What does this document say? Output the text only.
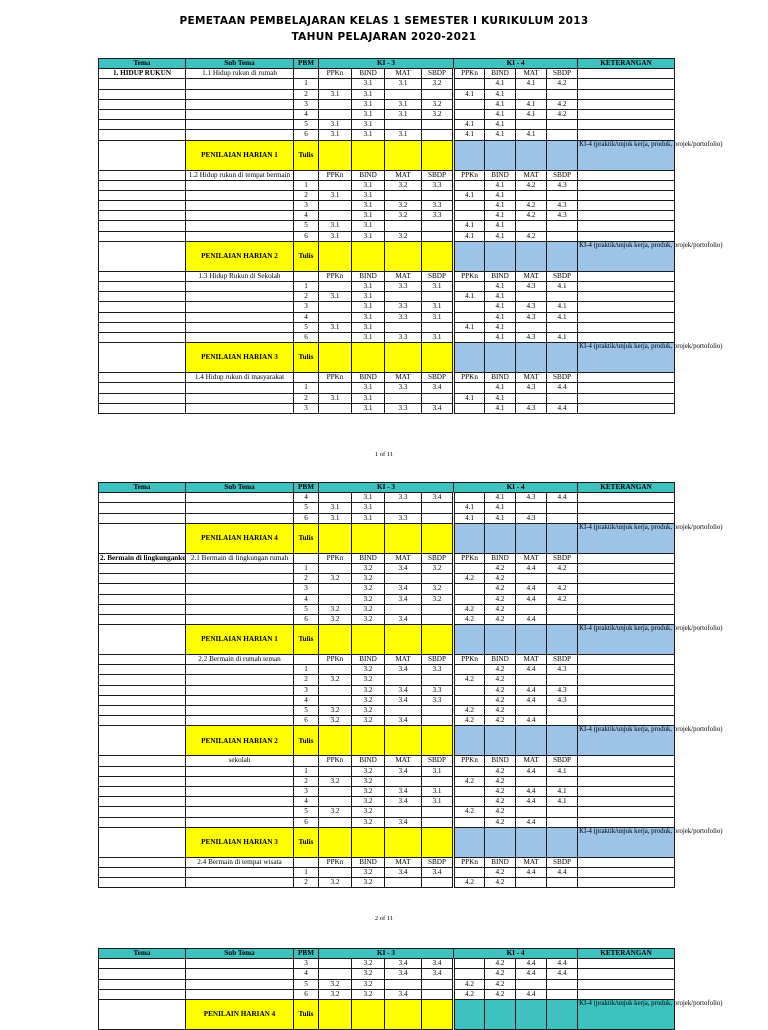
PEMETAAN PEMBELAJARAN KELAS 1 SEMESTER I KURIKULUM 2013
TAHUN PELAJARAN 2020-2021
Tema	Sub Tema	PBM	KI - 3				KI - 4				KETERANGAN
1. HIDUP RUKUN	1.1 Hidup rukun di rumah		PPKn	BIND	MAT	SBDP	PPKn	BIND	MAT	SBDP	
		1		3.1	3.1	3.2		4.1	4.1	4.2	
		2	3.1	3.1			4.1	4.1			
		3		3.1	3.1	3.2		4.1	4.1	4.2	
		4		3.1	3.1	3.2		4.1	4.1	4.2	
		5	3.1	3.1			4.1	4.1			
		6	3.1	3.1	3.1		4.1	4.1	4.1		
	PENILAIAN HARIAN 1	Tulis									KI-4 (praktik/unjuk kerja, produk, projek/portofolio)
	1.2 Hidup rukun di tempat bermain		PPKn	BIND	MAT	SBDP	PPKn	BIND	MAT	SBDP	
		1		3.1	3.2	3.3		4.1	4.2	4.3	
		2	3.1	3.1			4.1	4.1			
		3		3.1	3.2	3.3		4.1	4.2	4.3	
		4		3.1	3.2	3.3		4.1	4.2	4.3	
		5	3.1	3.1			4.1	4.1			
		6	3.1	3.1	3.2		4.1	4.1	4.2		
	PENILAIAN HARIAN 2	Tulis									KI-4 (praktik/unjuk kerja, produk, projek/portofolio)
	1.3 Hidup Rukun di Sekolah		PPKn	BIND	MAT	SBDP	PPKn	BIND	MAT	SBDP	
		1		3.1	3.3	3.1		4.1	4.3	4.1	
		2	3.1	3.1			4.1	4.1			
		3		3.1	3.3	3.1		4.1	4.3	4.1	
		4		3.1	3.3	3.1		4.1	4.3	4.1	
		5	3.1	3.1			4.1	4.1			
		6		3.1	3.3	3.1		4.1	4.3	4.1	
	PENILAIAN HARIAN 3	Tulis									KI-4 (praktik/unjuk kerja, produk, projek/portofolio)
	1.4 Hidup rukun di masyarakat		PPKn	BIND	MAT	SBDP	PPKn	BIND	MAT	SBDP	
		1		3.1	3.3	3.4		4.1	4.3	4.4	
		2	3.1	3.1			4.1	4.1			
		3		3.1	3.3	3.4		4.1	4.3	4.4	
1 of 11
Tema	Sub Tema	PBM	KI - 3				KI - 4				KETERANGAN
		4		3.1	3.3	3.4		4.1	4.3	4.4	
		5	3.1	3.1			4.1	4.1			
		6	3.1	3.1	3.3		4.1	4.1	4.3		
	PENILAIAN HARIAN 4	Tulis									KI-4 (praktik/unjuk kerja, produk, projek/portofolio)
2. Bermain di lingkunganku	2.1 Bermain di lingkungan rumah		PPKn	BIND	MAT	SBDP	PPKn	BIND	MAT	SBDP	
		1		3.2	3.4	3.2		4.2	4.4	4.2	
		2	3.2	3.2			4.2	4.2			
		3		3.2	3.4	3.2		4.2	4.4	4.2	
		4		3.2	3.4	3.2		4.2	4.4	4.2	
		5	3.2	3.2			4.2	4.2			
		6	3.2	3.2	3.4		4.2	4.2	4.4		
	PENILAIAN HARIAN 1	Tulis									KI-4 (praktik/unjuk kerja, produk, projek/portofolio)
	2.2 Bermain di rumah teman		PPKn	BIND	MAT	SBDP	PPKn	BIND	MAT	SBDP	
		1		3.2	3.4	3.3		4.2	4.4	4.3	
		2	3.2	3.2			4.2	4.2			
		3		3.2	3.4	3.3		4.2	4.4	4.3	
		4		3.2	3.4	3.3		4.2	4.4	4.3	
		5	3.2	3.2			4.2	4.2			
		6	3.2	3.2	3.4		4.2	4.2	4.4		
	PENILAIAN HARIAN 2	Tulis									KI-4 (praktik/unjuk kerja, produk, projek/portofolio)
	sekolah		PPKn	BIND	MAT	SBDP	PPKn	BIND	MAT	SBDP	
		1		3.2	3.4	3.1		4.2	4.4	4.1	
		2	3.2	3.2			4.2	4.2			
		3		3.2	3.4	3.1		4.2	4.4	4.1	
		4		3.2	3.4	3.1		4.2	4.4	4.1	
		5	3.2	3.2			4.2	4.2			
		6		3.2	3.4			4.2	4.4		
	PENILAIAN HARIAN 3	Tulis									KI-4 (praktik/unjuk kerja, produk, projek/portofolio)
	2.4 Bermain di tempat wisata		PPKn	BIND	MAT	SBDP	PPKn	BIND	MAT	SBDP	
		1		3.2	3.4	3.4		4.2	4.4	4.4	
		2	3.2	3.2			4.2	4.2			
2 of 11
Tema	Sub Tema	PBM	KI - 3				KI - 4				KETERANGAN
		3		3.2	3.4	3.4		4.2	4.4	4.4	
		4		3.2	3.4	3.4		4.2	4.4	4.4	
		5	3.2	3.2			4.2	4.2			
		6	3.2	3.2	3.4		4.2	4.2	4.4		
	PENILAIN HARIAN 4	Tulis									KI-4 (praktik/unjuk kerja, produk, projek/portofolio)
